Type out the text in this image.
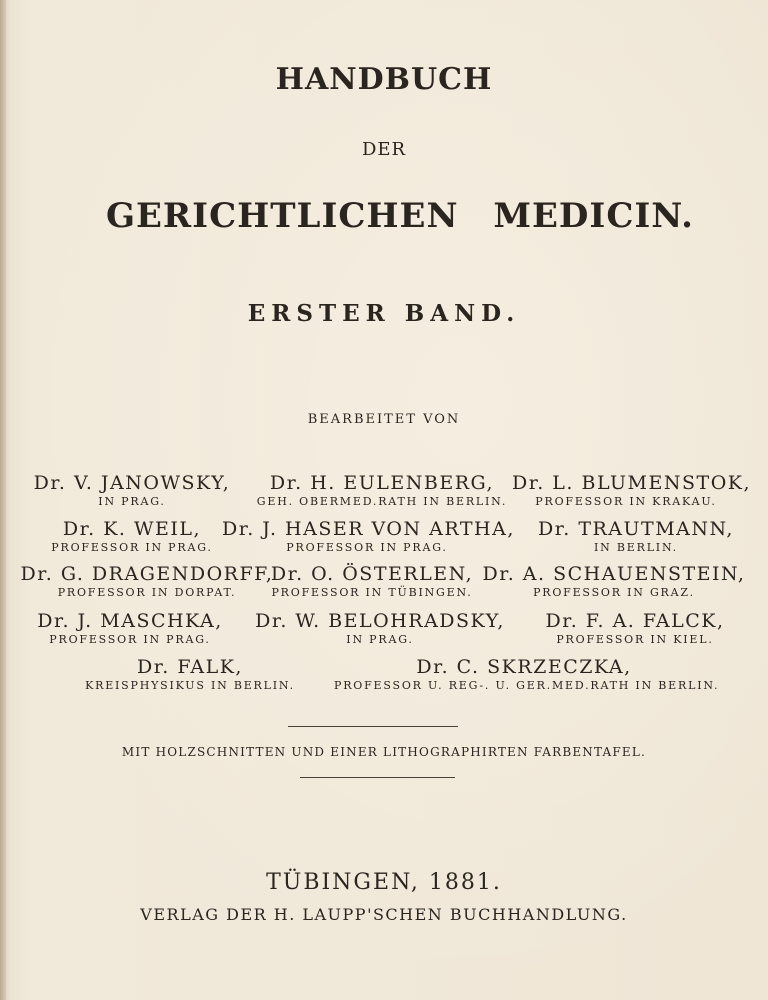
HANDBUCH
DER
GERICHTLICHEN MEDICIN.
ERSTER BAND.
BEARBEITET VON
Dr. V. JANOWSKY,
IN PRAG.
Dr. H. EULENBERG,
GEH. OBERMED.RATH IN BERLIN.
Dr. L. BLUMENSTOK,
PROFESSOR IN KRAKAU.
Dr. K. WEIL,
PROFESSOR IN PRAG.
Dr. J. HASER VON ARTHA,
PROFESSOR IN PRAG.
Dr. TRAUTMANN,
IN BERLIN.
Dr. G. DRAGENDORFF,
PROFESSOR IN DORPAT.
Dr. O. ÖSTERLEN,
PROFESSOR IN TÜBINGEN.
Dr. A. SCHAUENSTEIN,
PROFESSOR IN GRAZ.
Dr. J. MASCHKA,
PROFESSOR IN PRAG.
Dr. W. BELOHRADSKY,
IN PRAG.
Dr. F. A. FALCK,
PROFESSOR IN KIEL.
Dr. FALK,
KREISPHYSIKUS IN BERLIN.
Dr. C. SKRZECZKA,
PROFESSOR U. REG-. U. GER.MED.RATH IN BERLIN.
MIT HOLZSCHNITTEN UND EINER LITHOGRAPHIRTEN FARBENTAFEL.
TÜBINGEN, 1881.
VERLAG DER H. LAUPP'SCHEN BUCHHANDLUNG.
